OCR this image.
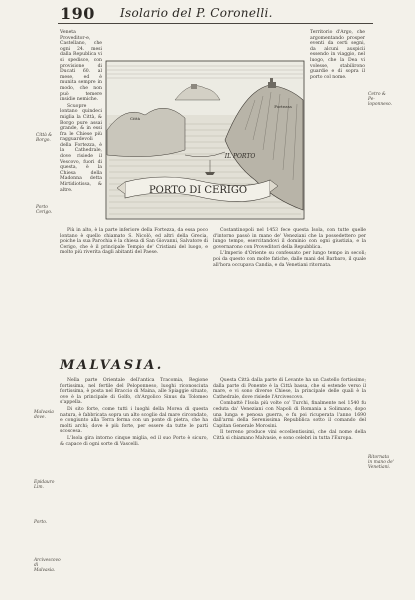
190 Isolario del P. Coronelli.

Veneta Proveditor-e, Castellano, che ogni 24. mesi dalla Republica vi si spedisce, con provisione di Ducati 60. al mese, ed è munita sempre in modo, che non può temere insidie nemiche.

Scuopre lontano quindeci miglia la Città, & Borgo pure assai grande, & in essi fra le Chiese più ragguardevoli della Fortezza, è la Cathedrale, dove risiede il Vescovo, fuori di questa, è la Chiesa della Madonna detta Mirtidiotissa, & altre.

Città & Borgo.
Porto Cerigo.
PORTO DI CERIGO
IL PORTO
Città
Fortezza

Territorio d'Argo, che argomentando prosper eventi da certi segni, da alcuni auspicii essendo in viaggio, nel luogo, che la Dea vi volesse, stabilirono guardie e di sopra il porto col nome.

Cetro & Pe-loponneso.

Più in alto, è la parte inferiore della Fortezza, da essa poco lontano è quello chiamato S. Nicolò, ed altri della Grecia, poiche la sua Parochia è la chiesa di San Giovanni, Salvatore di Cerigo, che è il principale Tempio de' Cristiani del luogo, e molto più riverita dagli abitanti del Paese.

Costantinopoli nel 1453 fece questa Isola, con tutte quelle d'intorno passò in mano de' Veneziani che la possedettero per lungo tempo, esercitandovi il dominio con ogni giustizia, e la governarono con Proveditori della Repubblica.

L'Imperio d'Oriente su confessato per lungo tempo in secoli; poi da questo con molte fatiche, dalle mani del Barbaro, il quale all'hora occupava Candia, e da Venetiani ritornata.

MALVASIA.

Nella parte Orientale dell'antica Tracomia, Regione fortissima, nel fertile del Peloponneso, luoghi riconosciuta fortissima, è posta nel Braccio di Maina, alle Spiaggie situato, ove è la principale di Golfo, ch'Argolico Sinus da Tolomeo s'appella.

Di sito forte, come tutti i luoghi della Morea di questa natura, è fabbricata sopra un alto scoglio dal mare circondato, e congiunto alla Terra ferma con un ponte di pietra, che ha molti archi; dove è più forte, per essere da tutte le parti scoscesa.

L'Isola gira intorno cinque miglia, ed il suo Porto è sicuro, & capace di ogni sorte di Vascelli.

Malvasia dove.
Epidauro Lim.
Porto.
Arcivescovo di Malvasia.

Questa Città dalla parte di Levante ha un Castello fortissimo; dalla parte di Ponente è la Città bassa, che si estende verso il mare, e vi sono diverse Chiese, la principale delle quali è la Cathedrale, dove risiede l'Arcivescovo.

Combattè l'Isola più volte co' Turchi, finalmente nel 1540 fu ceduta da' Veneziani con Napoli di Romania a Solimano, dopo una lunga e penosa guerra, e fu poi ricuperata l'anno 1690 dall'armi della Serenissima Repubblica sotto il comando del Capitan Generale Morosini.

Il terreno produce vini eccellentissimi, che dal nome della Città si chiamano Malvasie, e sono celebri in tutta l'Europa.

Ritornata in mano de' Venetiani.
